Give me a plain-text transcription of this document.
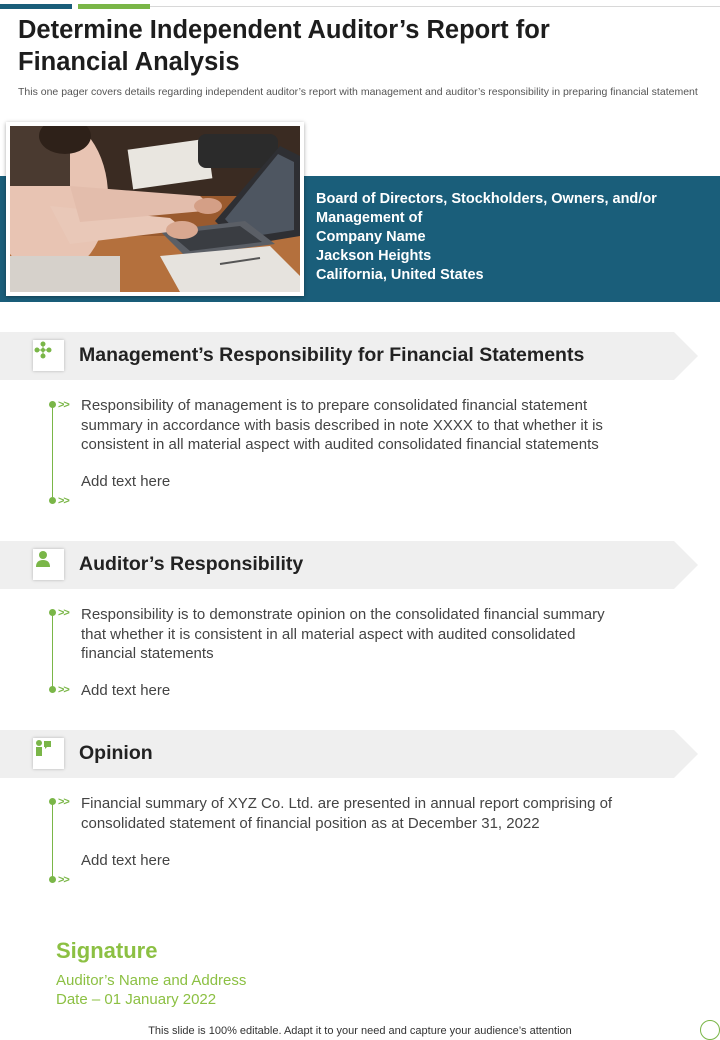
Determine Independent Auditor’s Report for
Financial Analysis

This one pager covers details regarding independent auditor’s report with management and auditor’s responsibility in preparing financial statement

Board of Directors, Stockholders, Owners, and/or
Management of
Company Name
Jackson Heights
California, United States
Management’s Responsibility for Financial Statements
>> Responsibility of management is to prepare consolidated financial statement
summary in accordance with basis described in note XXXX to that whether it is
consistent in all material aspect with audited consolidated financial statements
Add text here
>>
Auditor’s Responsibility
>> Responsibility is to demonstrate opinion on the consolidated financial summary
that whether it is consistent in all material aspect with audited consolidated
financial statements
Add text here
>>
Opinion
>> Financial summary of XYZ Co. Ltd. are presented in annual report comprising of
consolidated statement of financial position as at December 31, 2022
Add text here
>>
Signature
Auditor’s Name and Address
Date – 01 January 2022
This slide is 100% editable. Adapt it to your need and capture your audience’s attention
